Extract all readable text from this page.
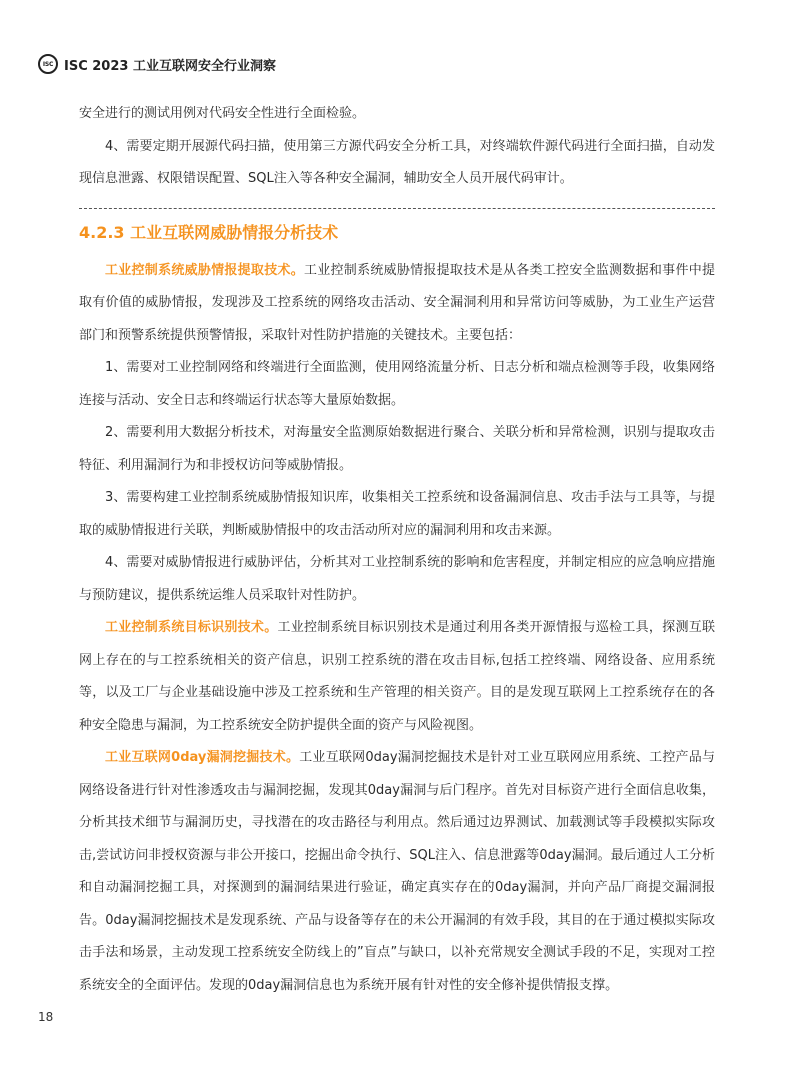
ISC ISC 2023 工业互联网安全行业洞察

安全进行的测试用例对代码安全性进行全面检验。

4、需要定期开展源代码扫描，使用第三方源代码安全分析工具，对终端软件源代码进行全面扫描，自动发现信息泄露、权限错误配置、SQL注入等各种安全漏洞，辅助安全人员开展代码审计。

4.2.3 工业互联网威胁情报分析技术

工业控制系统威胁情报提取技术。工业控制系统威胁情报提取技术是从各类工控安全监测数据和事件中提取有价值的威胁情报，发现涉及工控系统的网络攻击活动、安全漏洞利用和异常访问等威胁，为工业生产运营部门和预警系统提供预警情报，采取针对性防护措施的关键技术。主要包括：

1、需要对工业控制网络和终端进行全面监测，使用网络流量分析、日志分析和端点检测等手段，收集网络连接与活动、安全日志和终端运行状态等大量原始数据。

2、需要利用大数据分析技术，对海量安全监测原始数据进行聚合、关联分析和异常检测，识别与提取攻击特征、利用漏洞行为和非授权访问等威胁情报。

3、需要构建工业控制系统威胁情报知识库，收集相关工控系统和设备漏洞信息、攻击手法与工具等，与提取的威胁情报进行关联，判断威胁情报中的攻击活动所对应的漏洞利用和攻击来源。

4、需要对威胁情报进行威胁评估，分析其对工业控制系统的影响和危害程度，并制定相应的应急响应措施与预防建议，提供系统运维人员采取针对性防护。

工业控制系统目标识别技术。工业控制系统目标识别技术是通过利用各类开源情报与巡检工具，探测互联网上存在的与工控系统相关的资产信息，识别工控系统的潜在攻击目标,包括工控终端、网络设备、应用系统等，以及工厂与企业基础设施中涉及工控系统和生产管理的相关资产。目的是发现互联网上工控系统存在的各种安全隐患与漏洞，为工控系统安全防护提供全面的资产与风险视图。

工业互联网0day漏洞挖掘技术。工业互联网0day漏洞挖掘技术是针对工业互联网应用系统、工控产品与网络设备进行针对性渗透攻击与漏洞挖掘，发现其0day漏洞与后门程序。首先对目标资产进行全面信息收集，分析其技术细节与漏洞历史，寻找潜在的攻击路径与利用点。然后通过边界测试、加载测试等手段模拟实际攻击,尝试访问非授权资源与非公开接口，挖掘出命令执行、SQL注入、信息泄露等0day漏洞。最后通过人工分析和自动漏洞挖掘工具，对探测到的漏洞结果进行验证，确定真实存在的0day漏洞，并向产品厂商提交漏洞报告。0day漏洞挖掘技术是发现系统、产品与设备等存在的未公开漏洞的有效手段，其目的在于通过模拟实际攻击手法和场景，主动发现工控系统安全防线上的”盲点”与缺口，以补充常规安全测试手段的不足，实现对工控系统安全的全面评估。发现的0day漏洞信息也为系统开展有针对性的安全修补提供情报支撑。

18
